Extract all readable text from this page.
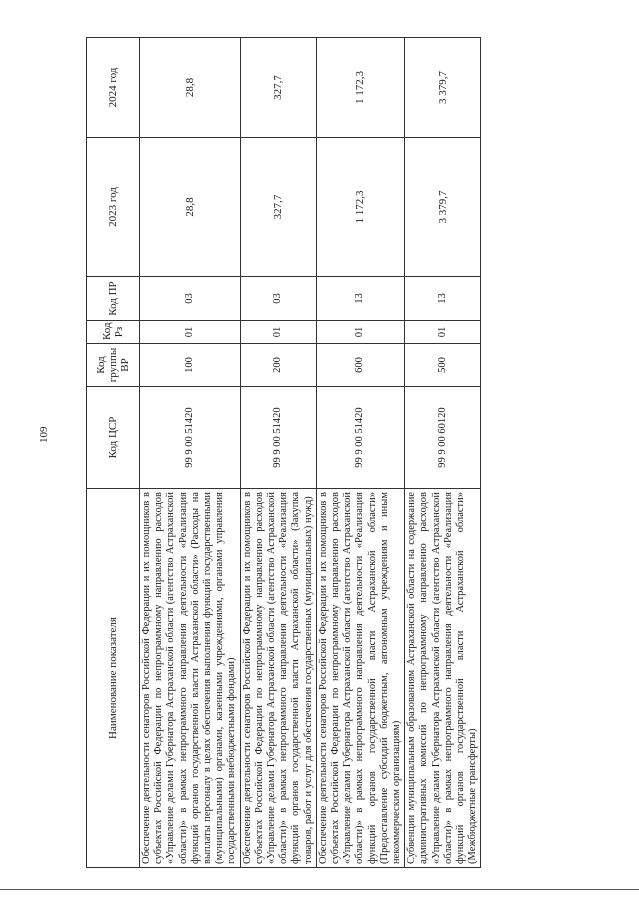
109
Наименование показателя	Код ЦСР	Код группы ВР	Код Рз	Код ПР	2023 год	2024 год
Обеспечение деятельности сенаторов Российской Федерации и их помощников в субъектах Российской Федерации по непрограммному направлению расходов «Управление делами Губернатора Астраханской области (агентство Астраханской области)» в рамках непрограммного направления деятельности «Реализация функций органов государственной власти Астраханской области» (Расходы на выплаты персоналу в целях обеспечения выполнения функций государственными (муниципальными) органами, казенными учреждениями, органами управления государственными внебюджетными фондами)	99 9 00 51420	100	01	03	28,8	28,8
Обеспечение деятельности сенаторов Российской Федерации и их помощников в субъектах Российской Федерации по непрограммному направлению расходов «Управление делами Губернатора Астраханской области (агентство Астраханской области)» в рамках непрограммного направления деятельности «Реализация функций органов государственной власти Астраханской области» (Закупка товаров, работ и услуг для обеспечения государственных (муниципальных) нужд)	99 9 00 51420	200	01	03	327,7	327,7
Обеспечение деятельности сенаторов Российской Федерации и их помощников в субъектах Российской Федерации по непрограммному направлению расходов «Управление делами Губернатора Астраханской области (агентство Астраханской области)» в рамках непрограммного направления деятельности «Реализация функций органов государственной власти Астраханской области» (Предоставление субсидий бюджетным, автономным учреждениям и иным некоммерческим организациям)	99 9 00 51420	600	01	13	1 172,3	1 172,3
Субвенции муниципальным образованиям Астраханской области на содержание административных комиссий по непрограммному направлению расходов «Управление делами Губернатора Астраханской области (агентство Астраханской области)» в рамках непрограммного направления деятельности «Реализация функций органов государственной власти Астраханской области» (Межбюджетные трансферты)	99 9 00 60120	500	01	13	3 379,7	3 379,7
